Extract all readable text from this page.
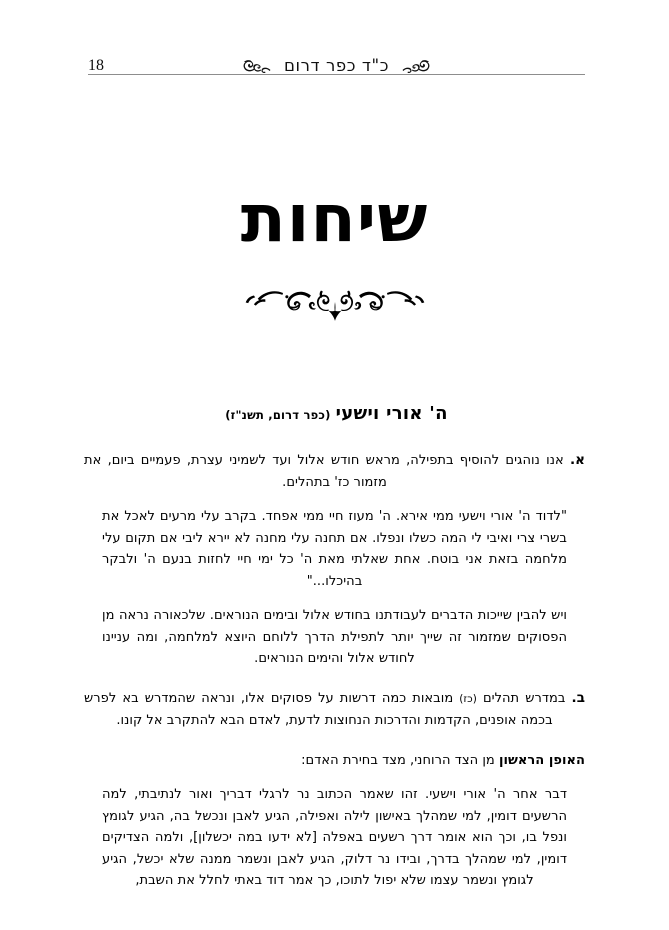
כ"ד כפר דרום
18
שיחות
ה' אורי וישעי (כפר דרום, תשנ"ז)

א. אנו נוהגים להוסיף בתפילה, מראש חודש אלול ועד לשמיני עצרת, פעמיים ביום, את מזמור כז' בתהלים.

"לדוד ה' אורי וישעי ממי אירא. ה' מעוז חיי ממי אפחד. בקרב עלי מרעים לאכל את בשרי צרי ואיבי לי המה כשלו ונפלו. אם תחנה עלי מחנה לא יירא ליבי אם תקום עלי מלחמה בזאת אני בוטח. אחת שאלתי מאת ה' כל ימי חיי לחזות בנעם ה' ולבקר בהיכלו..."

ויש להבין שייכות הדברים לעבודתנו בחודש אלול ובימים הנוראים. שלכאורה נראה מן הפסוקים שמזמור זה שייך יותר לתפילת הדרך ללוחם היוצא למלחמה, ומה עניינו לחודש אלול והימים הנוראים.

ב. במדרש תהלים (כז) מובאות כמה דרשות על פסוקים אלו, ונראה שהמדרש בא לפרש בכמה אופנים, הקדמות והדרכות הנחוצות לדעת, לאדם הבא להתקרב אל קונו.

האופן הראשון מן הצד הרוחני, מצד בחירת האדם:

דבר אחר ה' אורי וישעי. זהו שאמר הכתוב נר לרגלי דבריך ואור לנתיבתי, למה הרשעים דומין, למי שמהלך באישון לילה ואפילה, הגיע לאבן ונכשל בה, הגיע לגומץ ונפל בו, וכך הוא אומר דרך רשעים באפלה [לא ידעו במה יכשלון], ולמה הצדיקים דומין, למי שמהלך בדרך, ובידו נר דלוק, הגיע לאבן ונשמר ממנה שלא יכשל, הגיע לגומץ ונשמר עצמו שלא יפול לתוכו, כך אמר דוד באתי לחלל את השבת,
